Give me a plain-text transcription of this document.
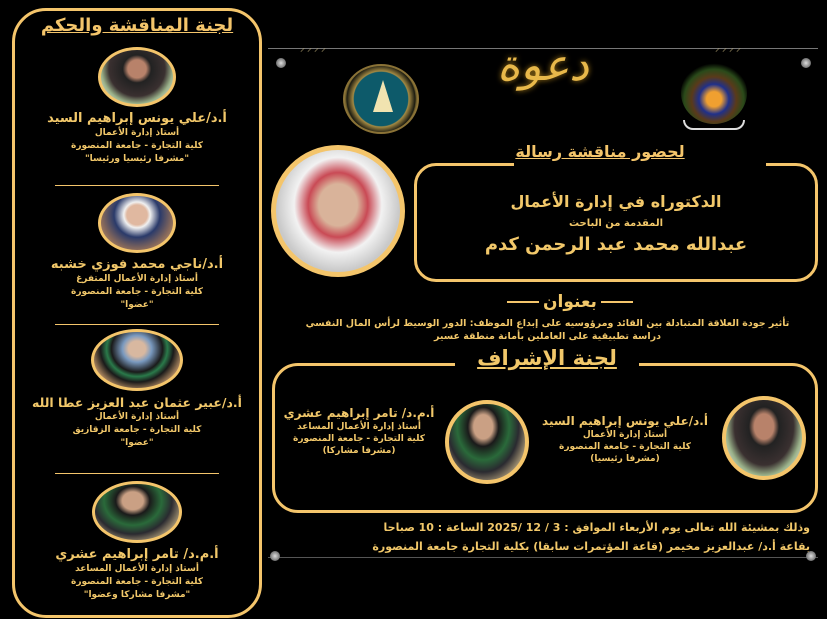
لجنة المناقشة والحكم
أ.د/علي يونس إبراهيم السيد
أستاذ إدارة الأعمال
كلية التجارة - جامعة المنصورة
"مشرفا رئيسيا ورئيسا"
أ.د/ناجي محمد فوزي خشبه
أستاذ إدارة الأعمال المتفرغ
كلية التجارة - جامعة المنصورة
"عضوا"
أ.د/عبير عثمان عبد العزيز عطا الله
أستاذ إدارة الأعمال
كلية التجارة - جامعة الزقازيق
"عضوا"
أ.م.د/ تامر إبراهيم عشري
أستاذ إدارة الأعمال المساعد
كلية التجارة - جامعة المنصورة
"مشرفا مشاركا وعضوا"
⸝⸝⸝⸝	⸝⸝⸝⸝
دعوة
لحضور مناقشة رسالة
الدكتوراه في إدارة الأعمال
المقدمة من الباحث
عبدالله محمد عبد الرحمن كدم
بعنوان
تأثير جودة العلاقة المتبادلة بين القائد ومرؤوسيه على إبداع الموظف: الدور الوسيط لرأس المال النفسي
دراسة تطبيقية على العاملين بأمانة منطقة عسير
لجنة الإشراف
أ.د/علي يونس إبراهيم السيد
أستاذ إدارة الأعمال
كلية التجارة - جامعة المنصورة
(مشرفا رئيسيا)
أ.م.د/ تامر إبراهيم عشري
أستاذ إدارة الأعمال المساعد
كلية التجارة - جامعة المنصورة
(مشرفا مشاركا)
وذلك بمشيئة الله تعالى يوم الأربعاء الموافق : 3 / 12 /2025 الساعة : 10 صباحا
بقاعة أ.د/ عبدالعزيز مخيمر (قاعة المؤتمرات سابقا) بكلية التجارة جامعة المنصورة
